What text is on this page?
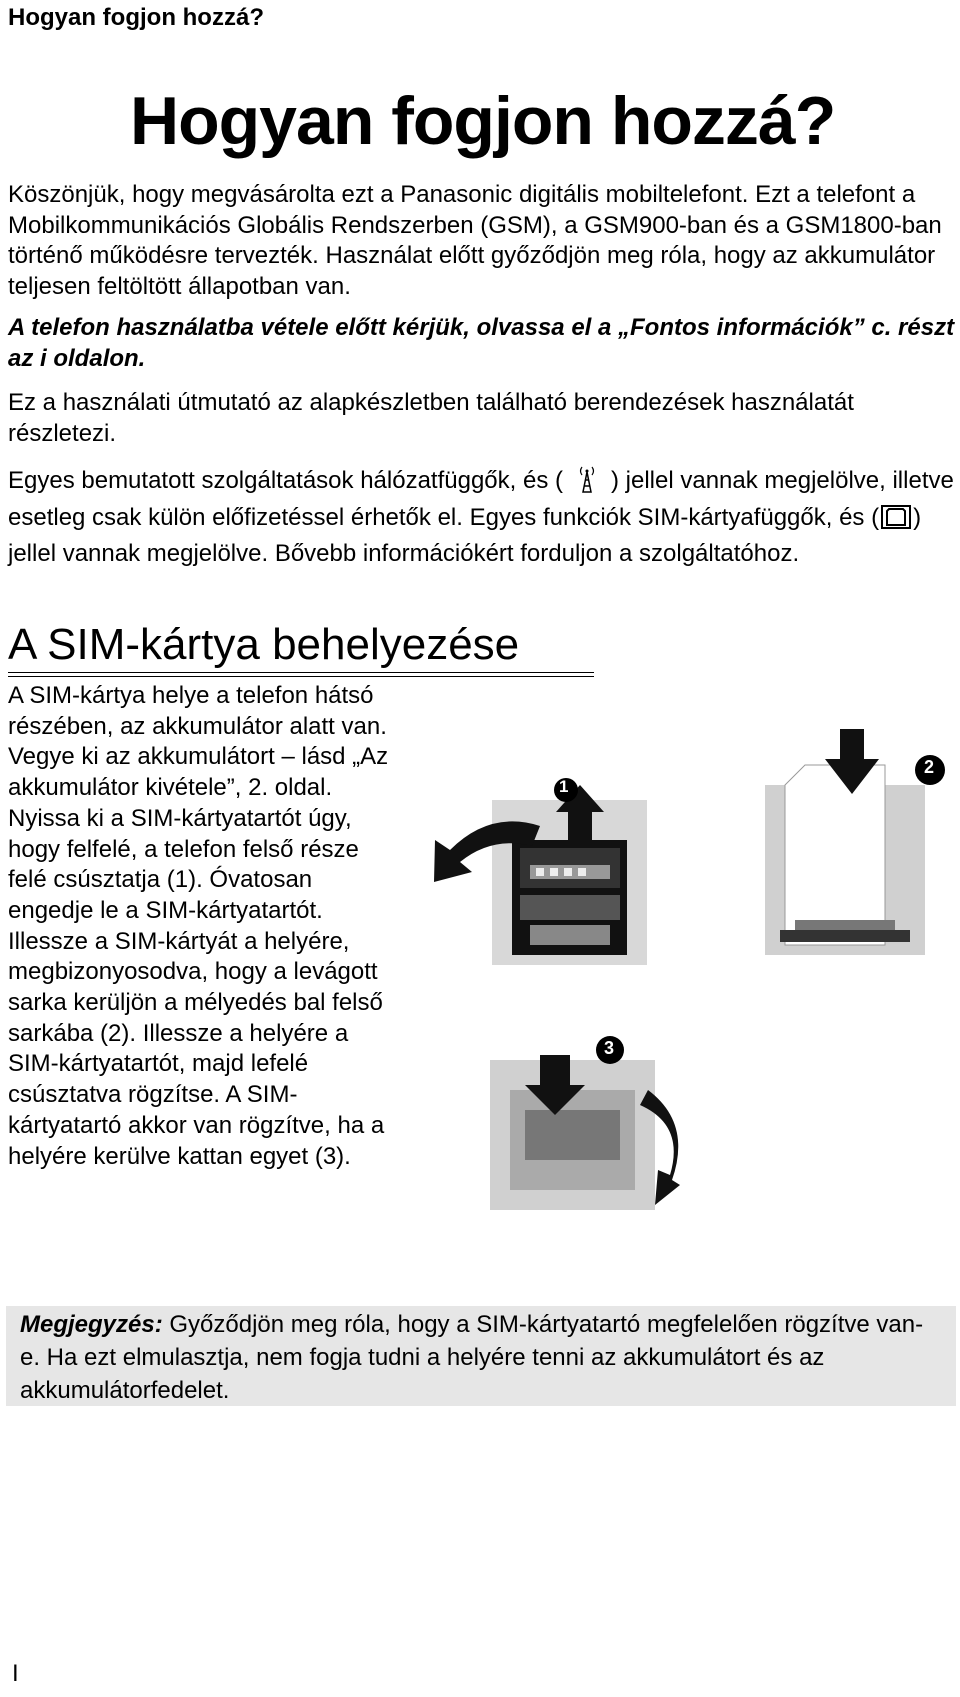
Hogyan fogjon hozzá?
Hogyan fogjon hozzá?

Köszönjük, hogy megvásárolta ezt a Panasonic digitális mobiltelefont. Ezt a telefont a Mobilkommunikációs Globális Rendszerben (GSM), a GSM900-ban és a GSM1800-ban történő működésre tervezték. Használat előtt győződjön meg róla, hogy az akkumulátor teljesen feltöltött állapotban van.

A telefon használatba vétele előtt kérjük, olvassa el a „Fontos információk” c. részt az i oldalon.

Ez a használati útmutató az alapkészletben található berendezések használatát részletezi.

Egyes bemutatott szolgáltatások hálózatfüggők, és ( ) jellel vannak megjelölve, illetve esetleg csak külön előfizetéssel érhetők el. Egyes funkciók SIM-kártyafüggők, és ( ) jellel vannak megjelölve. Bővebb információkért forduljon a szolgáltatóhoz.

A SIM-kártya behelyezése

A SIM-kártya helye a telefon hátsó részében, az akkumulátor alatt van. Vegye ki az akkumulátort – lásd „Az akkumulátor kivétele”, 2. oldal. Nyissa ki a SIM-kártyatartót úgy, hogy felfelé, a telefon felső része felé csúsztatja (1). Óvatosan engedje le a SIM-kártyatartót. Illessze a SIM-kártyát a helyére, megbizonyosodva, hogy a levágott sarka kerüljön a mélyedés bal felső sarkába (2). Illessze a helyére a SIM-kártyatartót, majd lefelé csúsztatva rögzítse. A SIM-kártyatartó akkor van rögzítve, ha a helyére kerülve kattan egyet (3).

1
2
3
Megjegyzés: Győződjön meg róla, hogy a SIM-kártyatartó megfelelően rögzítve van-e. Ha ezt elmulasztja, nem fogja tudni a helyére tenni az akkumulátort és az akkumulátorfedelet.

I
